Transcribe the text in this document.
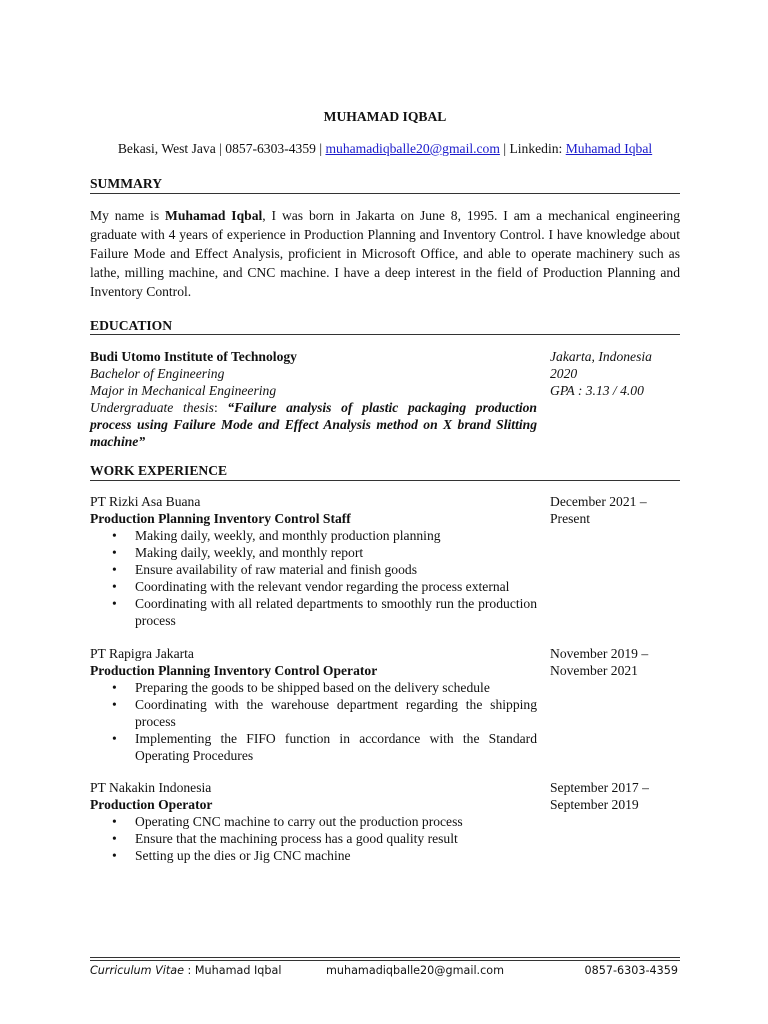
MUHAMAD IQBAL
Bekasi, West Java | 0857-6303-4359 | muhamadiqballe20@gmail.com | Linkedin: Muhamad Iqbal
SUMMARY
My name is Muhamad Iqbal, I was born in Jakarta on June 8, 1995. I am a mechanical engineering graduate with 4 years of experience in Production Planning and Inventory Control. I have knowledge about Failure Mode and Effect Analysis, proficient in Microsoft Office, and able to operate machinery such as lathe, milling machine, and CNC machine. I have a deep interest in the field of Production Planning and Inventory Control.
EDUCATION
Budi Utomo Institute of Technology
Bachelor of Engineering
Major in Mechanical Engineering
Undergraduate thesis: “Failure analysis of plastic packaging production process using Failure Mode and Effect Analysis method on X brand Slitting machine”
Jakarta, Indonesia
2020
GPA : 3.13 / 4.00
WORK EXPERIENCE
PT Rizki Asa Buana
Production Planning Inventory Control Staff
• Making daily, weekly, and monthly production planning
• Making daily, weekly, and monthly report
• Ensure availability of raw material and finish goods
• Coordinating with the relevant vendor regarding the process external
• Coordinating with all related departments to smoothly run the production process
December 2021 –
Present
PT Rapigra Jakarta
Production Planning Inventory Control Operator
• Preparing the goods to be shipped based on the delivery schedule
• Coordinating with the warehouse department regarding the shipping process
• Implementing the FIFO function in accordance with the Standard Operating Procedures
November 2019 –
November 2021
PT Nakakin Indonesia
Production Operator
• Operating CNC machine to carry out the production process
• Ensure that the machining process has a good quality result
• Setting up the dies or Jig CNC machine
September 2017 –
September 2019
Curriculum Vitae : Muhamad Iqbal	muhamadiqballe20@gmail.com	0857-6303-4359
